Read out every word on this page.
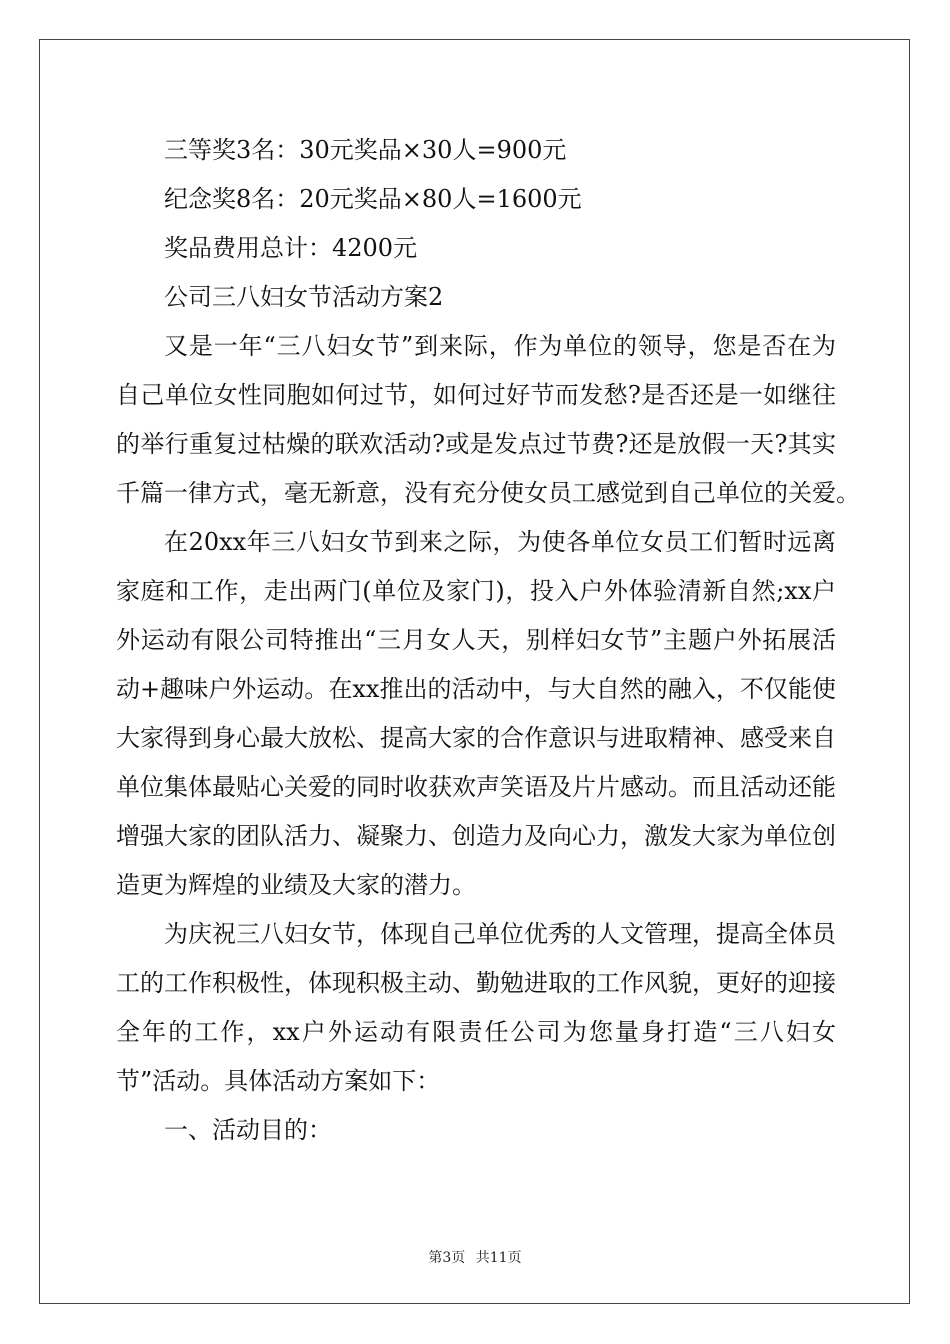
三等奖3名：30元奖品×30人=900元

纪念奖8名：20元奖品×80人=1600元

奖品费用总计：4200元

公司三八妇女节活动方案2

又是一年“三八妇女节”到来际，作为单位的领导，您是否在为

自己单位女性同胞如何过节，如何过好节而发愁?是否还是一如继往

的举行重复过枯燥的联欢活动?或是发点过节费?还是放假一天?其实

千篇一律方式，毫无新意，没有充分使女员工感觉到自己单位的关爱。

在20xx年三八妇女节到来之际，为使各单位女员工们暂时远离

家庭和工作，走出两门(单位及家门)，投入户外体验清新自然;xx户

外运动有限公司特推出“三月女人天，别样妇女节”主题户外拓展活

动+趣味户外运动。在xx推出的活动中，与大自然的融入，不仅能使

大家得到身心最大放松、提高大家的合作意识与进取精神、感受来自

单位集体最贴心关爱的同时收获欢声笑语及片片感动。而且活动还能

增强大家的团队活力、凝聚力、创造力及向心力，激发大家为单位创

造更为辉煌的业绩及大家的潜力。

为庆祝三八妇女节，体现自己单位优秀的人文管理，提高全体员

工的工作积极性，体现积极主动、勤勉进取的工作风貌，更好的迎接

全年的工作，xx户外运动有限责任公司为您量身打造“三八妇女

节”活动。具体活动方案如下：

一、活动目的：

第3页 共11页
